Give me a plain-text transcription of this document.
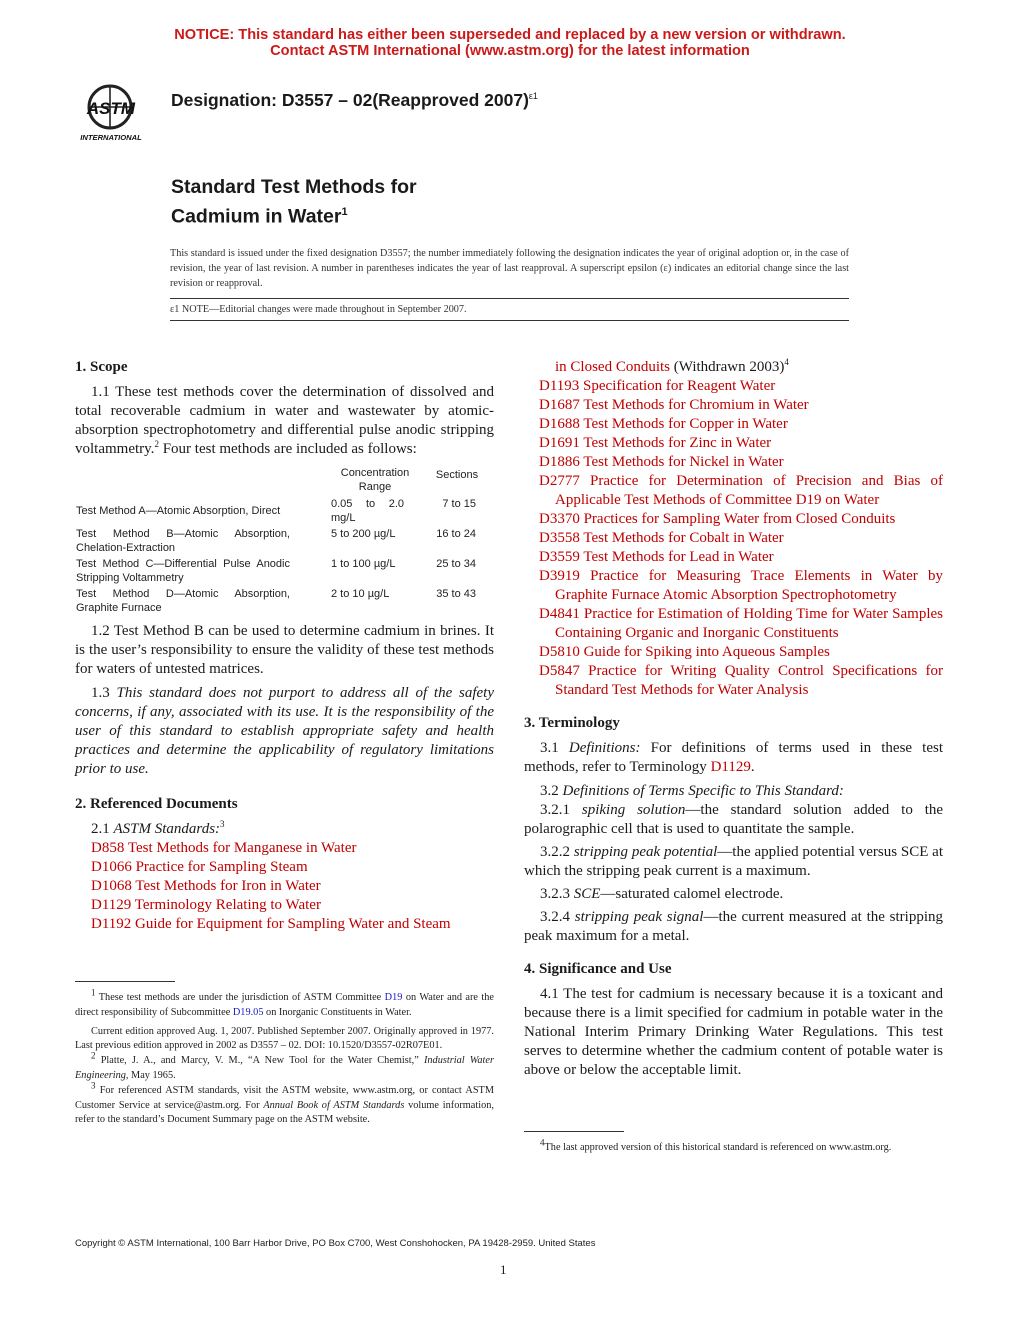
NOTICE: This standard has either been superseded and replaced by a new version or withdrawn.
Contact ASTM International (www.astm.org) for the latest information
ASTM
INTERNATIONAL
Designation: D3557 – 02(Reapproved 2007)$^{\varepsilon 1}$
Standard Test Methods for
Cadmium in Water$^1$
This standard is issued under the fixed designation D3557; the number immediately following the designation indicates the year of original adoption or, in the case of revision, the year of last revision. A number in parentheses indicates the year of last reapproval. A superscript epsilon (ε) indicates an editorial change since the last revision or reapproval.
ε1 NOTE—Editorial changes were made throughout in September 2007.

1. Scope

1.1 These test methods cover the determination of dissolved and total recoverable cadmium in water and wastewater by atomic-absorption spectrophotometry and differential pulse anodic stripping voltammetry.$^2$ Four test methods are included as follows:

	Concentration Range	Sections
Test Method A—Atomic Absorption, Direct	0.05 to 2.0 mg/L	7 to 15
Test Method B—Atomic Absorption, Chelation-Extraction	5 to 200 µg/L	16 to 24
Test Method C—Differential Pulse Anodic Stripping Voltammetry	1 to 100 µg/L	25 to 34
Test Method D—Atomic Absorption, Graphite Furnace	2 to 10 µg/L	35 to 43

1.2 Test Method B can be used to determine cadmium in brines. It is the user’s responsibility to ensure the validity of these test methods for waters of untested matrices.

1.3 This standard does not purport to address all of the safety concerns, if any, associated with its use. It is the responsibility of the user of this standard to establish appropriate safety and health practices and determine the applicability of regulatory limitations prior to use.

2. Referenced Documents

2.1 ASTM Standards:$^3$

D858 Test Methods for Manganese in Water

D1066 Practice for Sampling Steam

D1068 Test Methods for Iron in Water

D1129 Terminology Relating to Water

D1192 Guide for Equipment for Sampling Water and Steam

$^1$ These test methods are under the jurisdiction of ASTM Committee D19 on Water and are the direct responsibility of Subcommittee D19.05 on Inorganic Constituents in Water.
Current edition approved Aug. 1, 2007. Published September 2007. Originally approved in 1977. Last previous edition approved in 2002 as D3557 – 02. DOI: 10.1520/D3557-02R07E01.
$^2$ Platte, J. A., and Marcy, V. M., “A New Tool for the Water Chemist,” Industrial Water Engineering, May 1965.
$^3$ For referenced ASTM standards, visit the ASTM website, www.astm.org, or contact ASTM Customer Service at service@astm.org. For Annual Book of ASTM Standards volume information, refer to the standard’s Document Summary page on the ASTM website.

in Closed Conduits (Withdrawn 2003)$^4$

D1193 Specification for Reagent Water

D1687 Test Methods for Chromium in Water

D1688 Test Methods for Copper in Water

D1691 Test Methods for Zinc in Water

D1886 Test Methods for Nickel in Water

D2777 Practice for Determination of Precision and Bias of Applicable Test Methods of Committee D19 on Water

D3370 Practices for Sampling Water from Closed Conduits

D3558 Test Methods for Cobalt in Water

D3559 Test Methods for Lead in Water

D3919 Practice for Measuring Trace Elements in Water by Graphite Furnace Atomic Absorption Spectrophotometry

D4841 Practice for Estimation of Holding Time for Water Samples Containing Organic and Inorganic Constituents

D5810 Guide for Spiking into Aqueous Samples

D5847 Practice for Writing Quality Control Specifications for Standard Test Methods for Water Analysis

3. Terminology

3.1 Definitions: For definitions of terms used in these test methods, refer to Terminology D1129.

3.2 Definitions of Terms Specific to This Standard:

3.2.1 spiking solution—the standard solution added to the polarographic cell that is used to quantitate the sample.

3.2.2 stripping peak potential—the applied potential versus SCE at which the stripping peak current is a maximum.

3.2.3 SCE—saturated calomel electrode.

3.2.4 stripping peak signal—the current measured at the stripping peak maximum for a metal.

4. Significance and Use

4.1 The test for cadmium is necessary because it is a toxicant and because there is a limit specified for cadmium in potable water in the National Interim Primary Drinking Water Regulations. This test serves to determine whether the cadmium content of potable water is above or below the acceptable limit.

$^4$The last approved version of this historical standard is referenced on www.astm.org.
Copyright © ASTM International, 100 Barr Harbor Drive, PO Box C700, West Conshohocken, PA 19428-2959. United States
1
